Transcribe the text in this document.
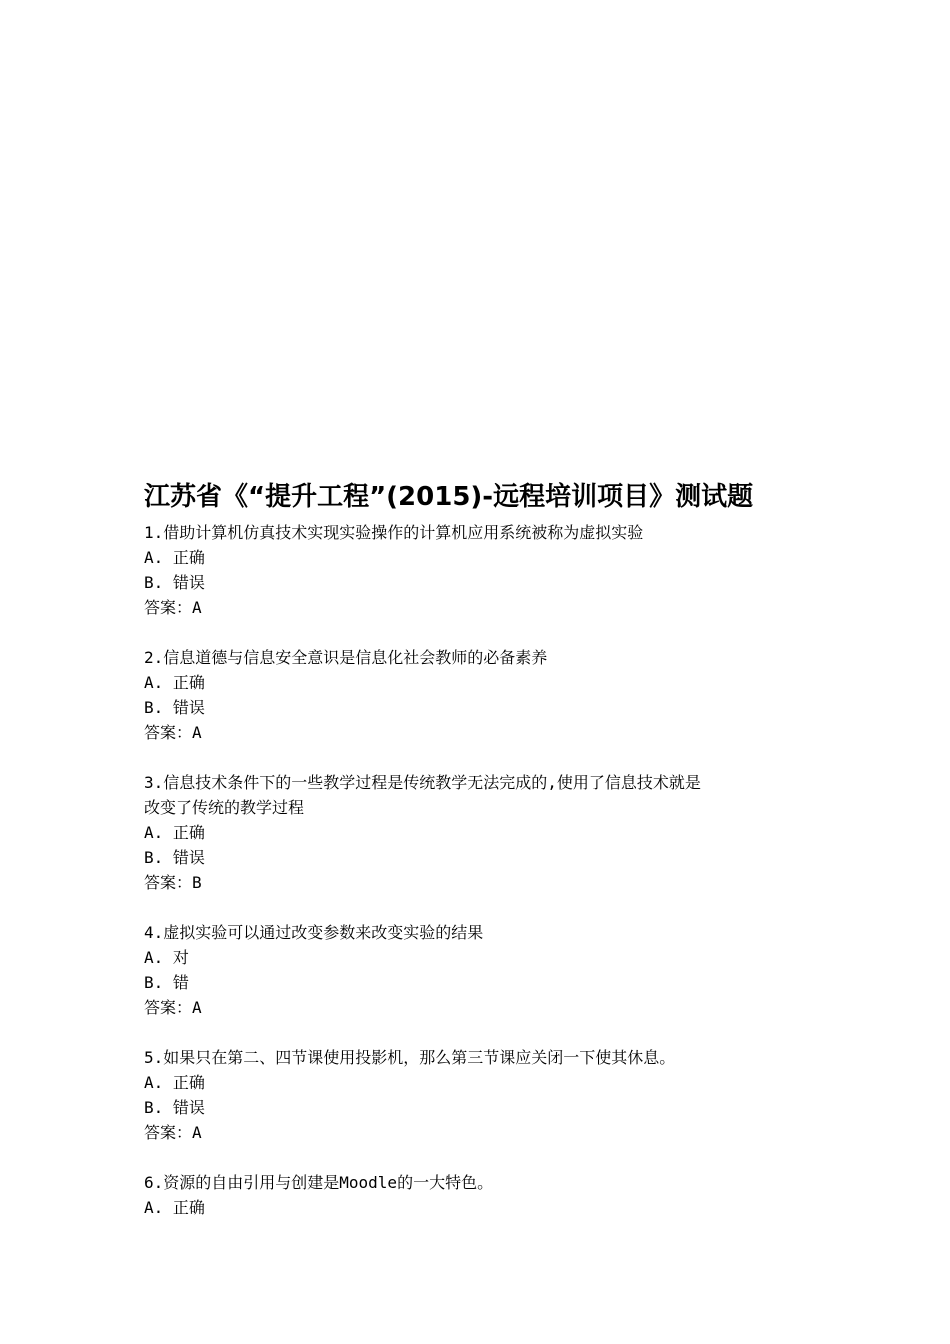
江苏省《“提升工程”(2015)-远程培训项目》测试题

1.借助计算机仿真技术实现实验操作的计算机应用系统被称为虚拟实验

A. 正确

B. 错误

答案：A

2.信息道德与信息安全意识是信息化社会教师的必备素养

A. 正确

B. 错误

答案：A

3.信息技术条件下的一些教学过程是传统教学无法完成的,使用了信息技术就是

改变了传统的教学过程

A. 正确

B. 错误

答案：B

4.虚拟实验可以通过改变参数来改变实验的结果

A. 对

B. 错

答案：A

5.如果只在第二、四节课使用投影机，那么第三节课应关闭一下使其休息。

A. 正确

B. 错误

答案：A

6.资源的自由引用与创建是Moodle的一大特色。

A. 正确
